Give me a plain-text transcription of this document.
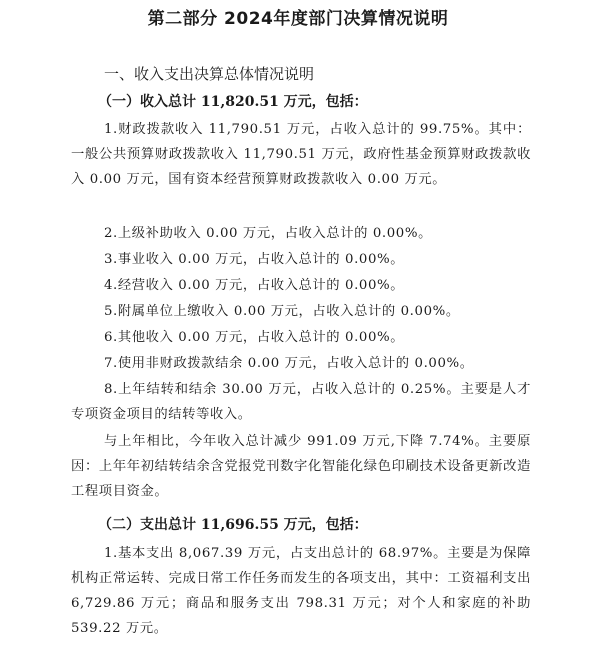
第二部分 2024年度部门决算情况说明
一、收入支出决算总体情况说明
（一）收入总计 11,820.51 万元，包括：

1.财政拨款收入 11,790.51 万元，占收入总计的 99.75%。其中：一般公共预算财政拨款收入 11,790.51 万元，政府性基金预算财政拨款收入 0.00 万元，国有资本经营预算财政拨款收入 0.00 万元。

2.上级补助收入 0.00 万元，占收入总计的 0.00%。

3.事业收入 0.00 万元，占收入总计的 0.00%。

4.经营收入 0.00 万元，占收入总计的 0.00%。

5.附属单位上缴收入 0.00 万元，占收入总计的 0.00%。

6.其他收入 0.00 万元，占收入总计的 0.00%。

7.使用非财政拨款结余 0.00 万元，占收入总计的 0.00%。

8.上年结转和结余 30.00 万元，占收入总计的 0.25%。主要是人才专项资金项目的结转等收入。

与上年相比，今年收入总计减少 991.09 万元,下降 7.74%。主要原因：上年年初结转结余含党报党刊数字化智能化绿色印刷技术设备更新改造工程项目资金。

（二）支出总计 11,696.55 万元，包括：

1.基本支出 8,067.39 万元，占支出总计的 68.97%。主要是为保障机构正常运转、完成日常工作任务而发生的各项支出，其中：工资福利支出 6,729.86 万元；商品和服务支出 798.31 万元；对个人和家庭的补助 539.22 万元。
